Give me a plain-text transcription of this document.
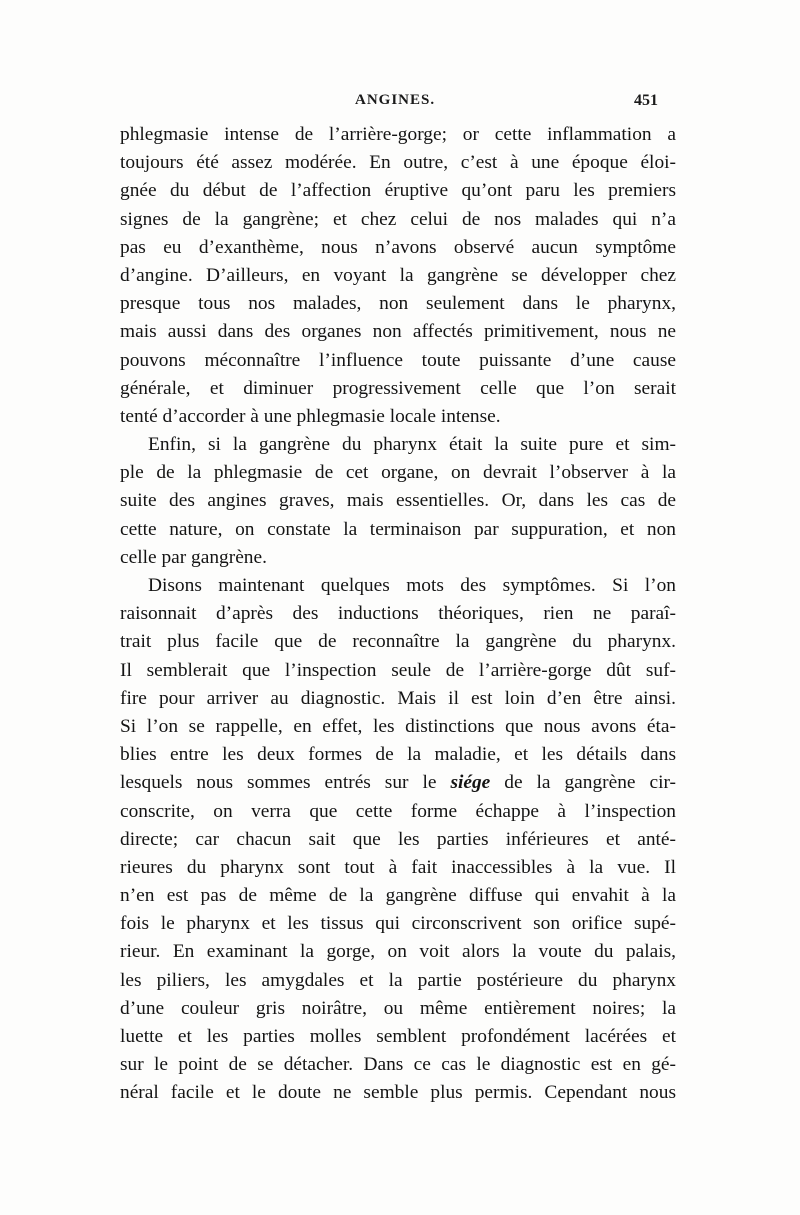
ANGINES.	451
phlegmasie intense de l’arrière-gorge; or cette inflammation a
toujours été assez modérée. En outre, c’est à une époque éloi-
gnée du début de l’affection éruptive qu’ont paru les premiers
signes de la gangrène; et chez celui de nos malades qui n’a
pas eu d’exanthème, nous n’avons observé aucun symptôme
d’angine. D’ailleurs, en voyant la gangrène se développer chez
presque tous nos malades, non seulement dans le pharynx,
mais aussi dans des organes non affectés primitivement, nous ne
pouvons méconnaître l’influence toute puissante d’une cause
générale, et diminuer progressivement celle que l’on serait
tenté d’accorder à une phlegmasie locale intense.
Enfin, si la gangrène du pharynx était la suite pure et sim-
ple de la phlegmasie de cet organe, on devrait l’observer à la
suite des angines graves, mais essentielles. Or, dans les cas de
cette nature, on constate la terminaison par suppuration, et non
celle par gangrène.
Disons maintenant quelques mots des symptômes. Si l’on
raisonnait d’après des inductions théoriques, rien ne paraî-
trait plus facile que de reconnaître la gangrène du pharynx.
Il semblerait que l’inspection seule de l’arrière-gorge dût suf-
fire pour arriver au diagnostic. Mais il est loin d’en être ainsi.
Si l’on se rappelle, en effet, les distinctions que nous avons éta-
blies entre les deux formes de la maladie, et les détails dans
lesquels nous sommes entrés sur le siége de la gangrène cir-
conscrite, on verra que cette forme échappe à l’inspection
directe; car chacun sait que les parties inférieures et anté-
rieures du pharynx sont tout à fait inaccessibles à la vue. Il
n’en est pas de même de la gangrène diffuse qui envahit à la
fois le pharynx et les tissus qui circonscrivent son orifice supé-
rieur. En examinant la gorge, on voit alors la voute du palais,
les piliers, les amygdales et la partie postérieure du pharynx
d’une couleur gris noirâtre, ou même entièrement noires; la
luette et les parties molles semblent profondément lacérées et
sur le point de se détacher. Dans ce cas le diagnostic est en gé-
néral facile et le doute ne semble plus permis. Cependant nous
